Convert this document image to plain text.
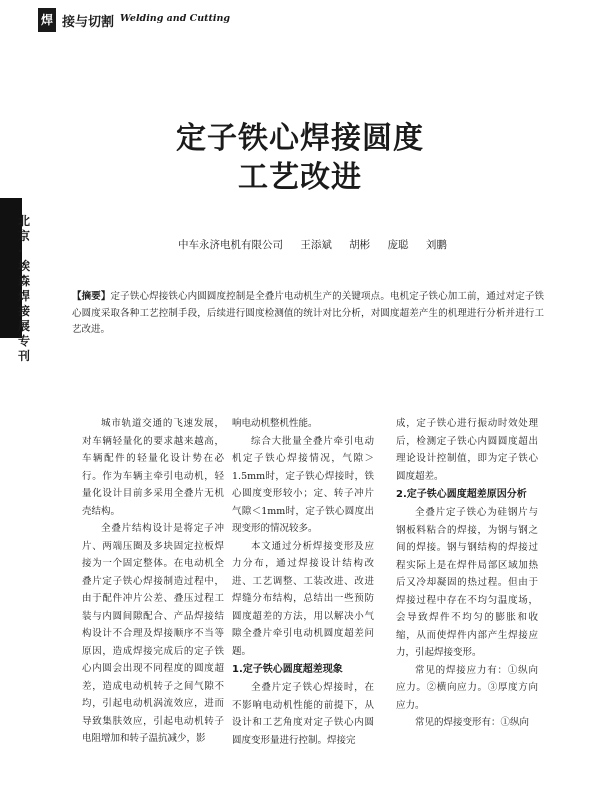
焊 接与切割 Welding and Cutting
北京·埃森焊接展专刊
定子铁心焊接圆度
工艺改进
中车永济电机有限公司 王添斌 胡彬 庞聪 刘鹏
【摘要】定子铁心焊接铁心内圆圆度控制是全叠片电动机生产的关键项点。电机定子铁心加工前，通过对定子铁心圆度采取各种工艺控制手段，后续进行圆度检测值的统计对比分析，对圆度超差产生的机理进行分析并进行工艺改进。

城市轨道交通的飞速发展，对车辆轻量化的要求越来越高，车辆配件的轻量化设计势在必行。作为车辆主牵引电动机，轻量化设计目前多采用全叠片无机壳结构。

全叠片结构设计是将定子冲片、两端压圈及多块固定拉板焊接为一个固定整体。在电动机全叠片定子铁心焊接制造过程中，由于配件冲片公差、叠压过程工装与内圆间隙配合、产品焊接结构设计不合理及焊接顺序不当等原因，造成焊接完成后的定子铁心内圆会出现不同程度的圆度超差，造成电动机转子之间气隙不均，引起电动机涡流效应，进而导致集肤效应，引起电动机转子电阻增加和转子温抗减少，影

响电动机整机性能。

综合大批量全叠片牵引电动机定子铁心焊接情况，气隙＞1.5mm时，定子铁心焊接时，铁心圆度变形较小；定、转子冲片气隙＜1mm时，定子铁心圆度出现变形的情况较多。

本文通过分析焊接变形及应力分布，通过焊接设计结构改进、工艺调整、工装改进、改进焊缝分布结构，总结出一些预防圆度超差的方法，用以解决小气隙全叠片牵引电动机圆度超差问题。

1.定子铁心圆度超差现象

全叠片定子铁心焊接时，在不影响电动机性能的前提下，从设计和工艺角度对定子铁心内圆圆度变形量进行控制。焊接完

成，定子铁心进行振动时效处理后，检测定子铁心内圆圆度超出理论设计控制值，即为定子铁心圆度超差。

2.定子铁心圆度超差原因分析

全叠片定子铁心为硅钢片与钢板料粘合的焊接，为钢与钢之间的焊接。钢与钢结构的焊接过程实际上是在焊件局部区域加热后又冷却凝固的热过程。但由于焊接过程中存在不均匀温度场，会导致焊件不均匀的膨胀和收缩，从而使焊件内部产生焊接应力，引起焊接变形。

常见的焊接应力有：①纵向应力。②横向应力。③厚度方向应力。

常见的焊接变形有：①纵向
